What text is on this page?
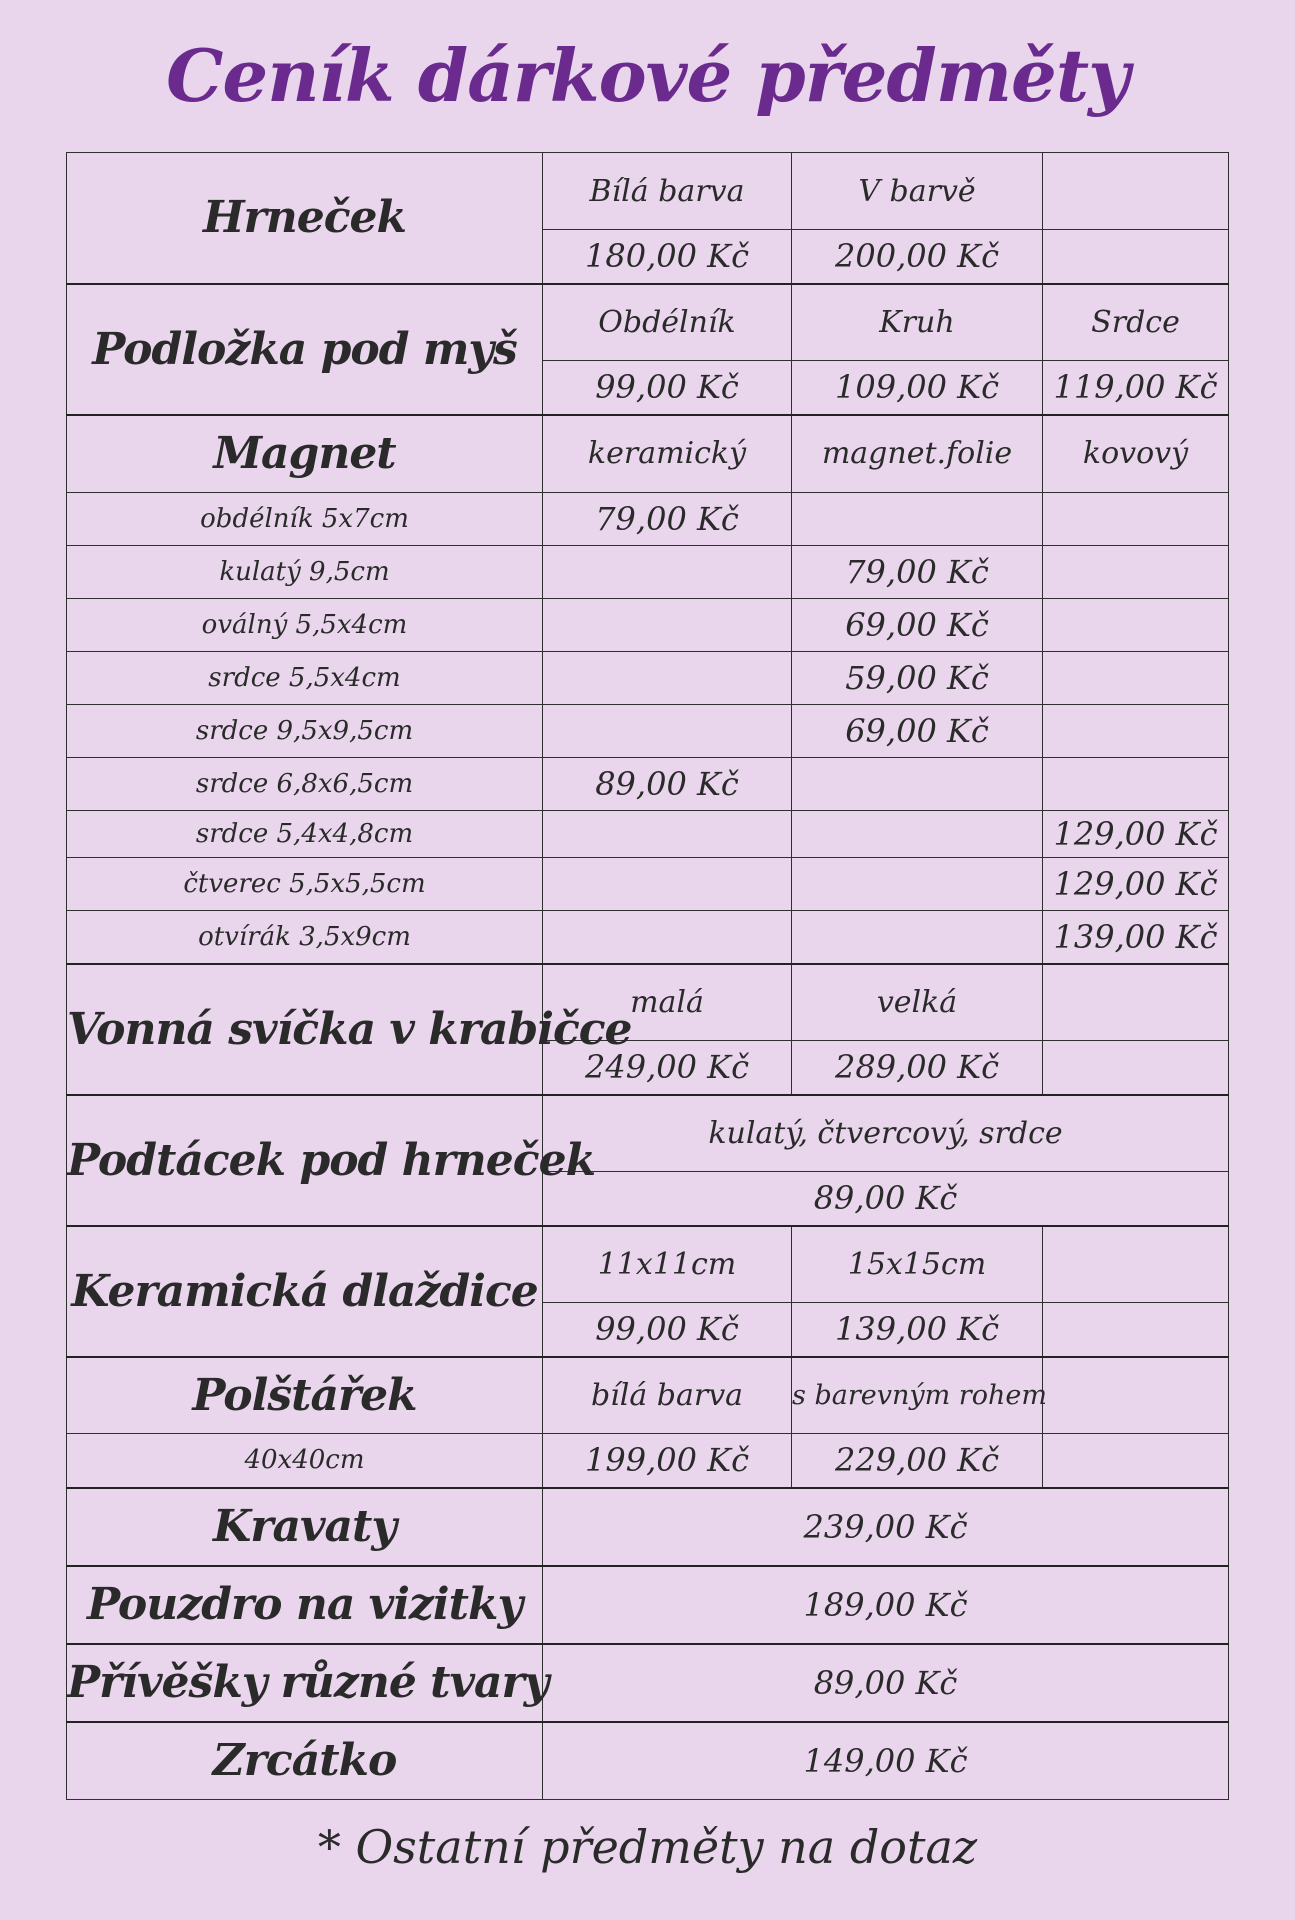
Ceník dárkové předměty
Hrneček	Bílá barva	V barvě	
	180,00 Kč	200,00 Kč	
Podložka pod myš	Obdélník	Kruh	Srdce
	99,00 Kč	109,00 Kč	119,00 Kč
Magnet	keramický	magnet.folie	kovový
obdélník 5x7cm	79,00 Kč		
kulatý 9,5cm		79,00 Kč	
oválný 5,5x4cm		69,00 Kč	
srdce 5,5x4cm		59,00 Kč	
srdce 9,5x9,5cm		69,00 Kč	
srdce 6,8x6,5cm	89,00 Kč		
srdce 5,4x4,8cm			129,00 Kč
čtverec 5,5x5,5cm			129,00 Kč
otvírák 3,5x9cm			139,00 Kč
Vonná svíčka v krabičce	malá	velká	
	249,00 Kč	289,00 Kč	
Podtácek pod hrneček	kulatý, čtvercový, srdce		
	89,00 Kč		
Keramická dlaždice	11x11cm	15x15cm	
	99,00 Kč	139,00 Kč	
Polštářek	bílá barva	s barevným rohem	
40x40cm	199,00 Kč	229,00 Kč	
Kravaty	239,00 Kč		
Pouzdro na vizitky	189,00 Kč		
Přívěšky různé tvary	89,00 Kč		
Zrcátko	149,00 Kč		
* Ostatní předměty na dotaz
